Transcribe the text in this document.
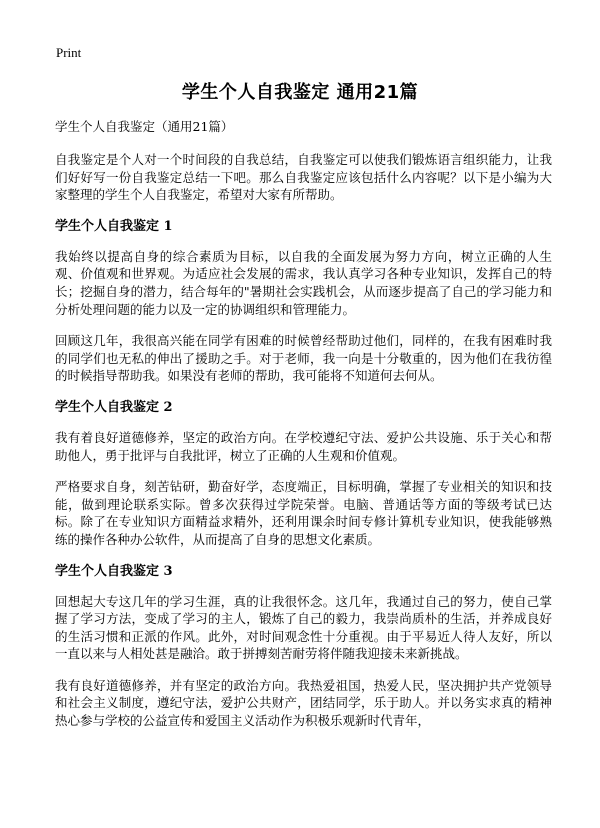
Print
学生个人自我鉴定 通用21篇
学生个人自我鉴定（通用21篇）
自我鉴定是个人对一个时间段的自我总结，自我鉴定可以使我们锻炼语言组织能力，让我们好好写一份自我鉴定总结一下吧。那么自我鉴定应该包括什么内容呢？以下是小编为大家整理的学生个人自我鉴定，希望对大家有所帮助。
学生个人自我鉴定 1
我始终以提高自身的综合素质为目标，以自我的全面发展为努力方向，树立正确的人生观、价值观和世界观。为适应社会发展的需求，我认真学习各种专业知识，发挥自己的特长；挖掘自身的潜力，结合每年的"暑期社会实践机会，从而逐步提高了自己的学习能力和分析处理问题的能力以及一定的协调组织和管理能力。
回顾这几年，我很高兴能在同学有困难的时候曾经帮助过他们，同样的，在我有困难时我的同学们也无私的伸出了援助之手。对于老师，我一向是十分敬重的，因为他们在我彷徨的时候指导帮助我。如果没有老师的帮助，我可能将不知道何去何从。
学生个人自我鉴定 2
我有着良好道德修养，坚定的政治方向。在学校遵纪守法、爱护公共设施、乐于关心和帮助他人，勇于批评与自我批评，树立了正确的人生观和价值观。
严格要求自身，刻苦钻研，勤奋好学，态度端正，目标明确，掌握了专业相关的知识和技能，做到理论联系实际。曾多次获得过学院荣誉。电脑、普通话等方面的等级考试已达标。除了在专业知识方面精益求精外，还利用课余时间专修计算机专业知识，使我能够熟练的操作各种办公软件，从而提高了自身的思想文化素质。
学生个人自我鉴定 3
回想起大专这几年的学习生涯，真的让我很怀念。这几年，我通过自己的努力，使自己掌握了学习方法，变成了学习的主人，锻炼了自己的毅力，我崇尚质朴的生活，并养成良好的生活习惯和正派的作风。此外，对时间观念性十分重视。由于平易近人待人友好，所以一直以来与人相处甚是融洽。敢于拼搏刻苦耐劳将伴随我迎接未来新挑战。
我有良好道德修养，并有坚定的政治方向。我热爱祖国，热爱人民，坚决拥护共产党领导和社会主义制度，遵纪守法，爱护公共财产，团结同学，乐于助人。并以务实求真的精神热心参与学校的公益宣传和爱国主义活动作为积极乐观新时代青年，
